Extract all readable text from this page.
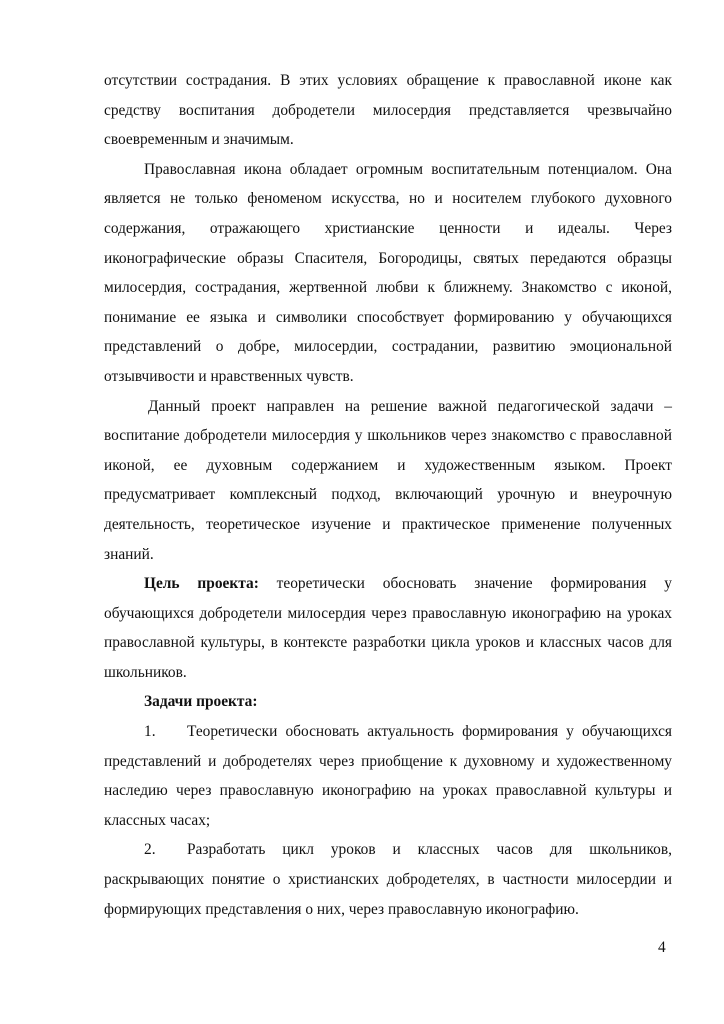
отсутствии сострадания. В этих условиях обращение к православной иконе как средству воспитания добродетели милосердия представляется чрезвычайно своевременным и значимым.

Православная икона обладает огромным воспитательным потенциалом. Она является не только феноменом искусства, но и носителем глубокого духовного содержания, отражающего христианские ценности и идеалы. Через иконографические образы Спасителя, Богородицы, святых передаются образцы милосердия, сострадания, жертвенной любви к ближнему. Знакомство с иконой, понимание ее языка и символики способствует формированию у обучающихся представлений о добре, милосердии, сострадании, развитию эмоциональной отзывчивости и нравственных чувств.

Данный проект направлен на решение важной педагогической задачи – воспитание добродетели милосердия у школьников через знакомство с православной иконой, ее духовным содержанием и художественным языком. Проект предусматривает комплексный подход, включающий урочную и внеурочную деятельность, теоретическое изучение и практическое применение полученных знаний.

Цель проекта: теоретически обосновать значение формирования у обучающихся добродетели милосердия через православную иконографию на уроках православной культуры, в контексте разработки цикла уроков и классных часов для школьников.

Задачи проекта:

1. Теоретически обосновать актуальность формирования у обучающихся представлений и добродетелях через приобщение к духовному и художественному наследию через православную иконографию на уроках православной культуры и классных часах;

2. Разработать цикл уроков и классных часов для школьников, раскрывающих понятие о христианских добродетелях, в частности милосердии и формирующих представления о них, через православную иконографию.

4
